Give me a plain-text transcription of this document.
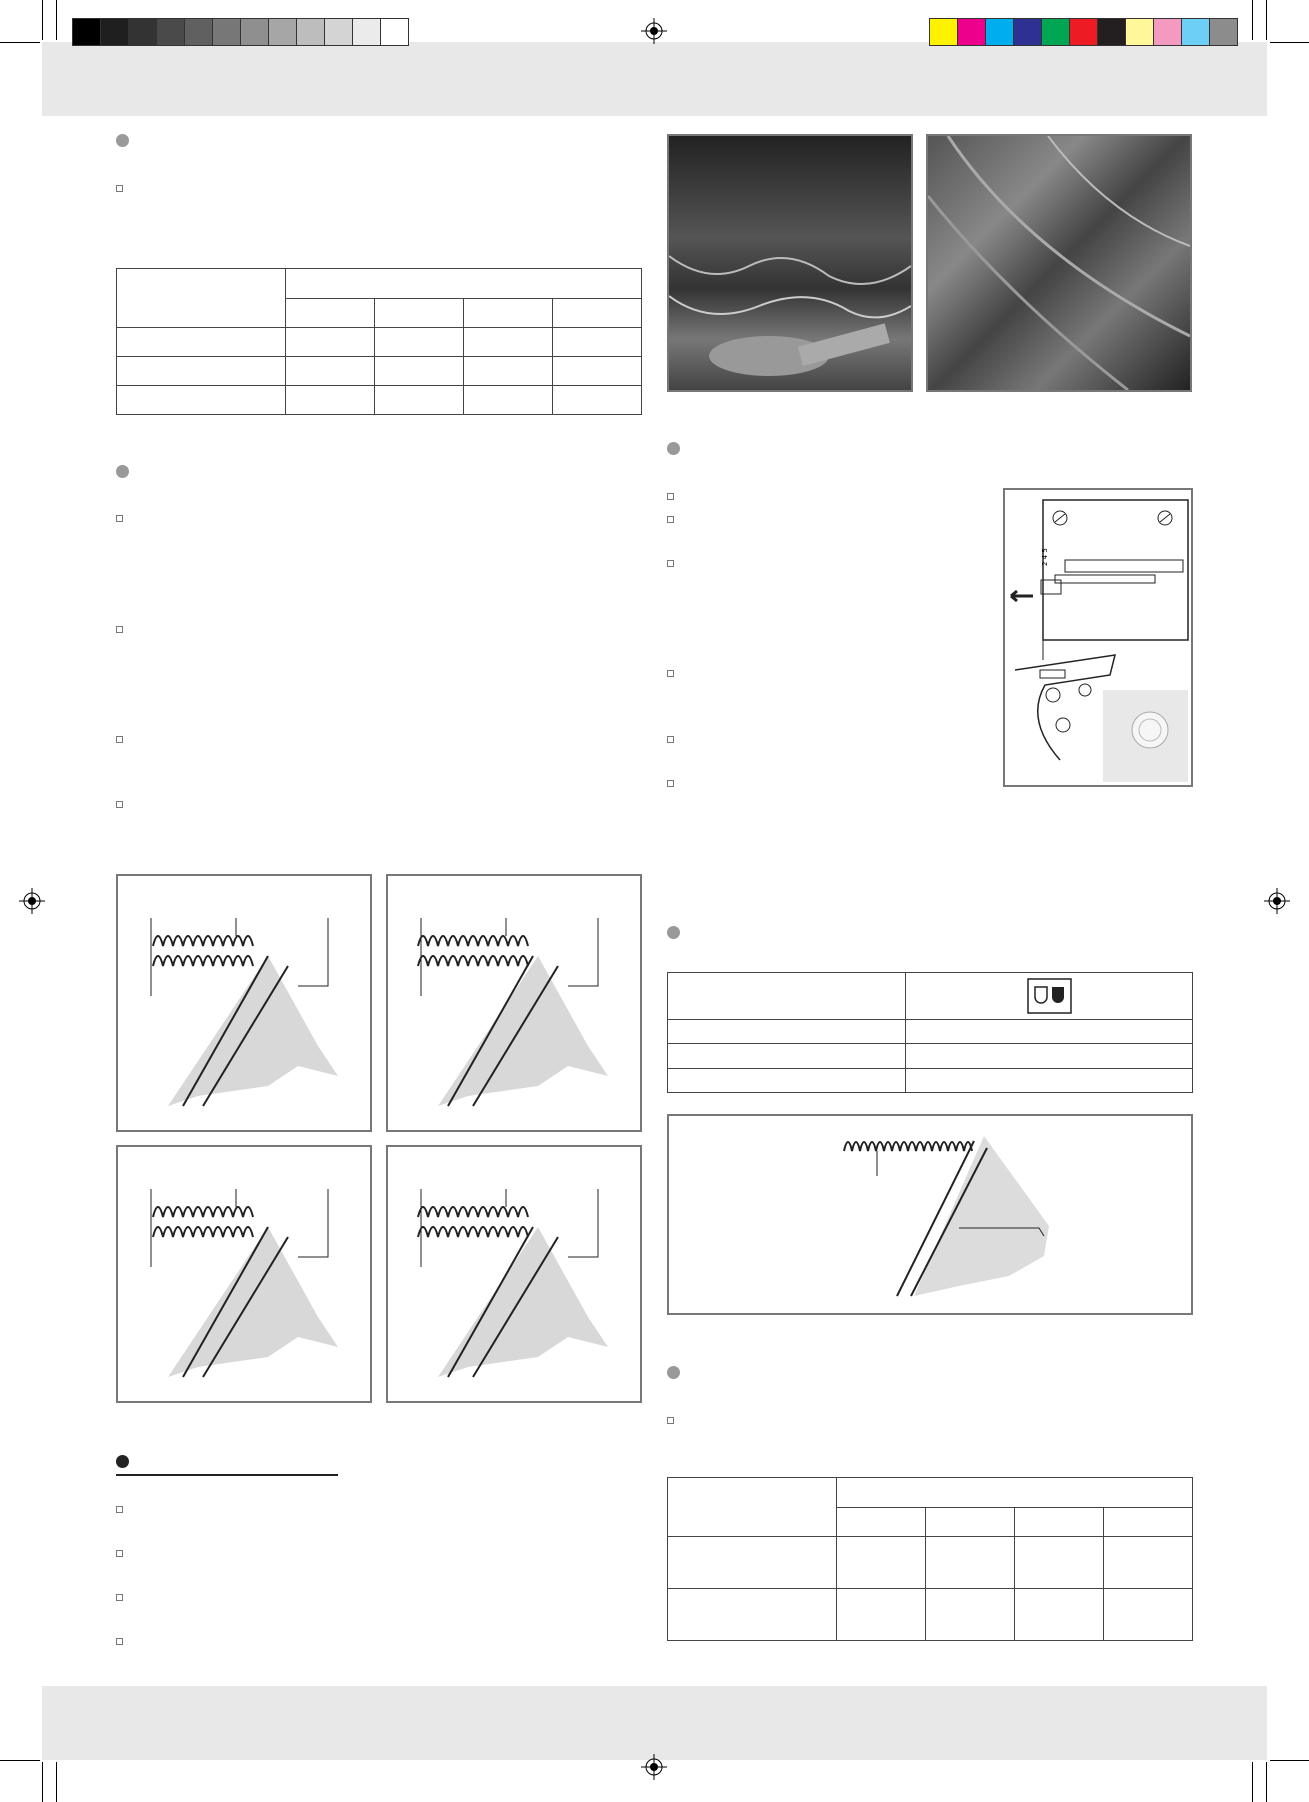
2 4 5
